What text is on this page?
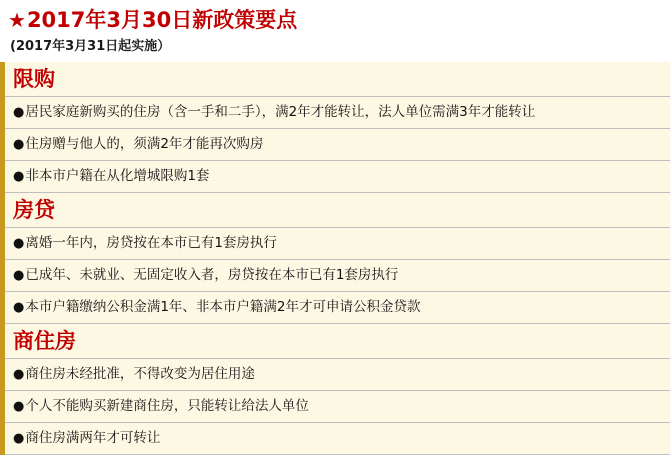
★ 2017年3月30日新政策要点
(2017年3月31日起实施）
限购
●居民家庭新购买的住房（含一手和二手），满2年才能转让，法人单位需满3年才能转让
●住房赠与他人的，须满2年才能再次购房
●非本市户籍在从化增城限购1套
房贷
●离婚一年内，房贷按在本市已有1套房执行
●已成年、未就业、无固定收入者，房贷按在本市已有1套房执行
●本市户籍缴纳公积金满1年、非本市户籍满2年才可申请公积金贷款
商住房
●商住房未经批准，不得改变为居住用途
●个人不能购买新建商住房，只能转让给法人单位
●商住房满两年才可转让
